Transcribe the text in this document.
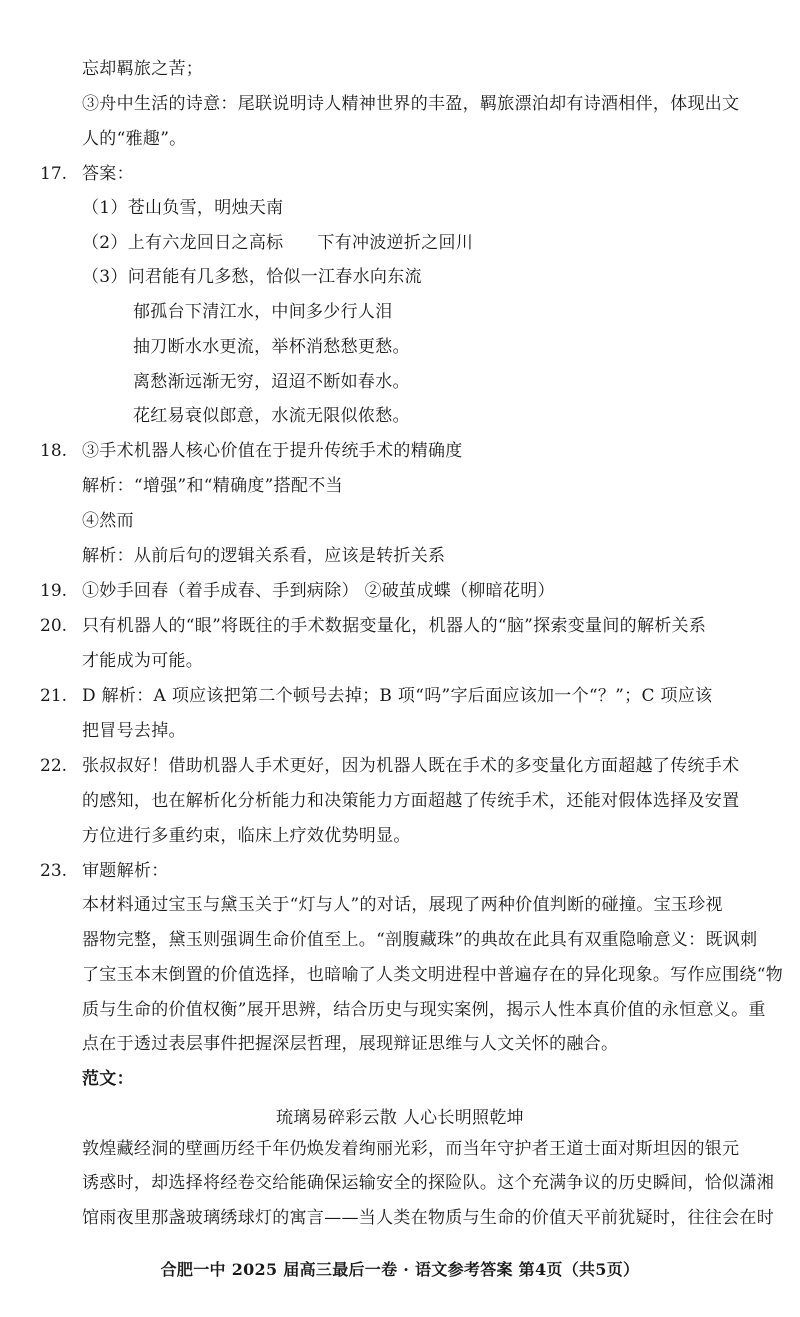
忘却羁旅之苦；
③舟中生活的诗意：尾联说明诗人精神世界的丰盈，羁旅漂泊却有诗酒相伴，体现出文
人的“雅趣”。
17. 答案：
（1）苍山负雪，明烛天南
（2）上有六龙回日之高标 下有冲波逆折之回川
（3）问君能有几多愁，恰似一江春水向东流
郁孤台下清江水，中间多少行人泪
抽刀断水水更流，举杯消愁愁更愁。
离愁渐远渐无穷，迢迢不断如春水。
花红易衰似郎意，水流无限似侬愁。
18. ③手术机器人核心价值在于提升传统手术的精确度
解析：“增强”和“精确度”搭配不当
④然而
解析：从前后句的逻辑关系看，应该是转折关系
19. ①妙手回春（着手成春、手到病除） ②破茧成蝶（柳暗花明）
20. 只有机器人的“眼”将既往的手术数据变量化，机器人的“脑”探索变量间的解析关系
才能成为可能。
21. D 解析：A 项应该把第二个顿号去掉；B 项“吗”字后面应该加一个“？”；C 项应该
把冒号去掉。
22. 张叔叔好！借助机器人手术更好，因为机器人既在手术的多变量化方面超越了传统手术
的感知，也在解析化分析能力和决策能力方面超越了传统手术，还能对假体选择及安置
方位进行多重约束，临床上疗效优势明显。
23. 审题解析：
本材料通过宝玉与黛玉关于“灯与人”的对话，展现了两种价值判断的碰撞。宝玉珍视
器物完整，黛玉则强调生命价值至上。“剖腹藏珠”的典故在此具有双重隐喻意义：既讽刺
了宝玉本末倒置的价值选择，也暗喻了人类文明进程中普遍存在的异化现象。写作应围绕“物
质与生命的价值权衡”展开思辨，结合历史与现实案例，揭示人性本真价值的永恒意义。重
点在于透过表层事件把握深层哲理，展现辩证思维与人文关怀的融合。
范文：
琉璃易碎彩云散 人心长明照乾坤
敦煌藏经洞的壁画历经千年仍焕发着绚丽光彩，而当年守护者王道士面对斯坦因的银元
诱惑时，却选择将经卷交给能确保运输安全的探险队。这个充满争议的历史瞬间，恰似潇湘
馆雨夜里那盏玻璃绣球灯的寓言——当人类在物质与生命的价值天平前犹疑时，往往会在时
合肥一中 2025 届高三最后一卷 · 语文参考答案 第4页（共5页）
